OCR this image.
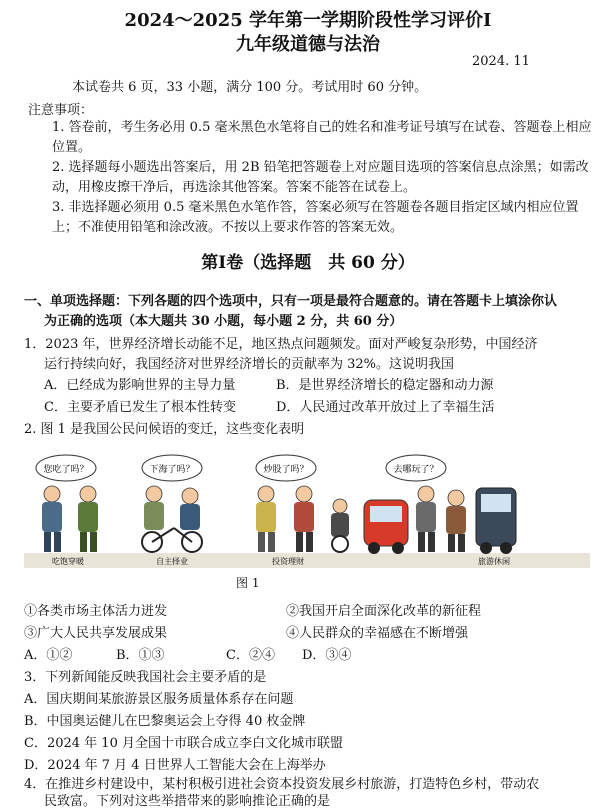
2024～2025 学年第一学期阶段性学习评价Ⅰ
九年级道德与法治
2024. 11
本试卷共 6 页，33 小题，满分 100 分。考试用时 60 分钟。
注意事项：
1. 答卷前，考生务必用 0.5 毫米黑色水笔将自己的姓名和准考证号填写在试卷、答题卷上相应位置。
2. 选择题每小题选出答案后，用 2B 铅笔把答题卷上对应题目选项的答案信息点涂黑；如需改动，用橡皮擦干净后，再选涂其他答案。答案不能答在试卷上。
3. 非选择题必须用 0.5 毫米黑色水笔作答，答案必须写在答题卷各题目指定区域内相应位置上；不准使用铅笔和涂改液。不按以上要求作答的答案无效。
第Ⅰ卷（选择题　共 60 分）
一、单项选择题：下列各题的四个选项中，只有一项是最符合题意的。请在答题卡上填涂你认
为正确的选项（本大题共 30 小题，每小题 2 分，共 60 分）
1．2023 年，世界经济增长动能不足，地区热点问题频发。面对严峻复杂形势，中国经济
运行持续向好，我国经济对世界经济增长的贡献率为 32%。这说明我国
A．已经成为影响世界的主导力量	B．是世界经济增长的稳定器和动力源
C．主要矛盾已发生了根本性转变	D．人民通过改革开放过上了幸福生活
2. 图 1 是我国公民问候语的变迁，这些变化表明
您吃了吗？
吃饱穿暖
下海了吗？
自主择业
炒股了吗？
投资理财
去哪玩了？
旅游休闲
图 1
①各类市场主体活力迸发	②我国开启全面深化改革的新征程
③广大人民共享发展成果	④人民群众的幸福感在不断增强
A．①②	B．①③	C．②④ D．③④
3．下列新闻能反映我国社会主要矛盾的是
A．国庆期间某旅游景区服务质量体系存在问题
B．中国奥运健儿在巴黎奥运会上夺得 40 枚金牌
C．2024 年 10 月全国十市联合成立李白文化城市联盟
D．2024 年 7 月 4 日世界人工智能大会在上海举办
4．在推进乡村建设中，某村积极引进社会资本投资发展乡村旅游，打造特色乡村，带动农
民致富。下列对这些举措带来的影响推论正确的是
